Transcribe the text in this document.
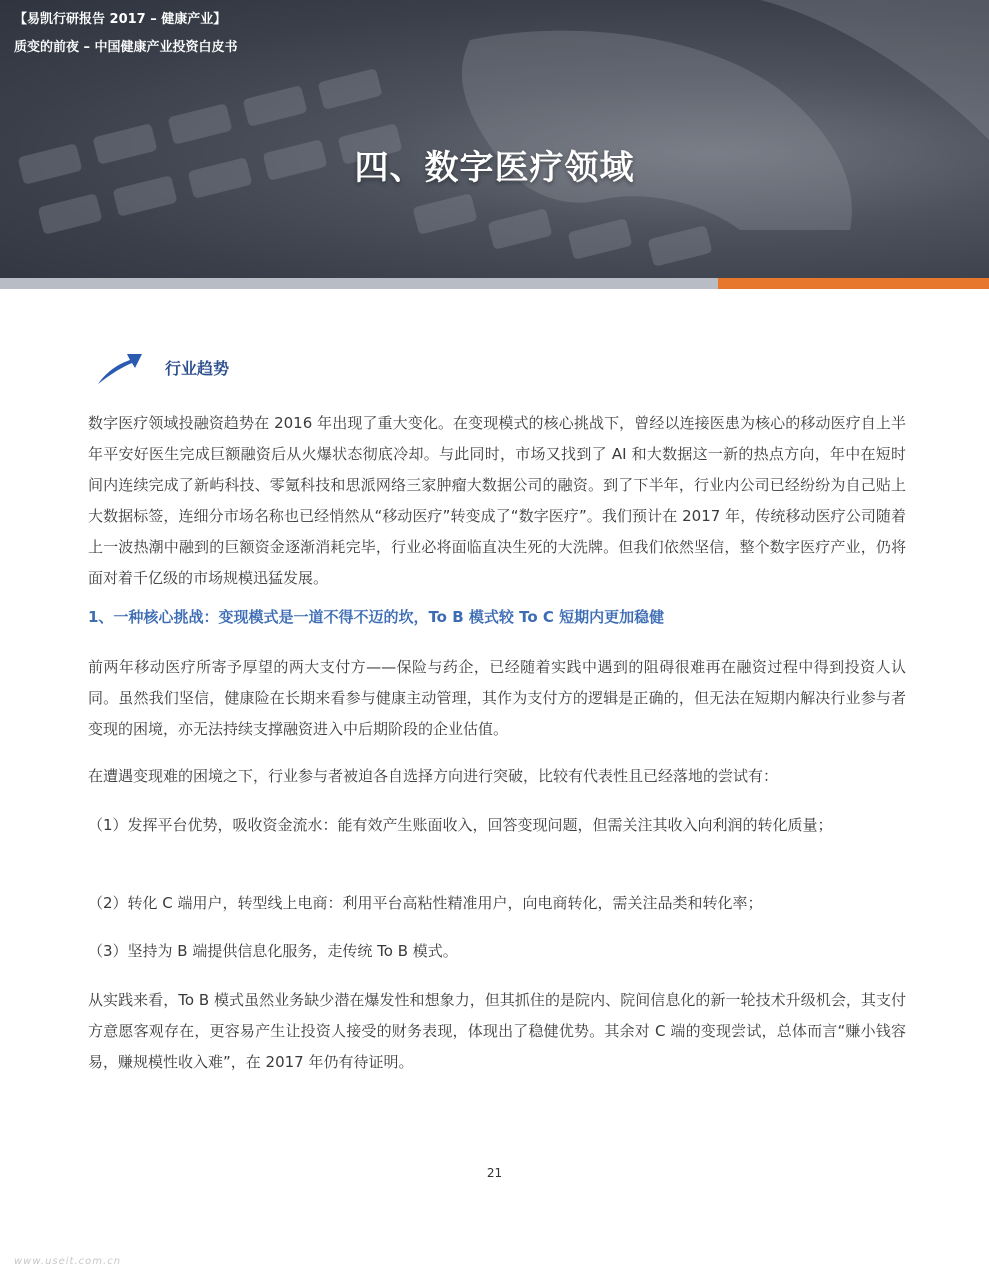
【易凯行研报告 2017 – 健康产业】
质变的前夜 – 中国健康产业投资白皮书
四、数字医疗领域
行业趋势

数字医疗领域投融资趋势在 2016 年出现了重大变化。在变现模式的核心挑战下，曾经以连接医患为核心的移动医疗自上半年平安好医生完成巨额融资后从火爆状态彻底冷却。与此同时，市场又找到了 AI 和大数据这一新的热点方向，年中在短时间内连续完成了新屿科技、零氪科技和思派网络三家肿瘤大数据公司的融资。到了下半年，行业内公司已经纷纷为自己贴上大数据标签，连细分市场名称也已经悄然从“移动医疗”转变成了“数字医疗”。我们预计在 2017 年，传统移动医疗公司随着上一波热潮中融到的巨额资金逐渐消耗完毕，行业必将面临直决生死的大洗牌。但我们依然坚信，整个数字医疗产业，仍将面对着千亿级的市场规模迅猛发展。

1、一种核心挑战：变现模式是一道不得不迈的坎，To B 模式较 To C 短期内更加稳健

前两年移动医疗所寄予厚望的两大支付方——保险与药企，已经随着实践中遇到的阻碍很难再在融资过程中得到投资人认同。虽然我们坚信，健康险在长期来看参与健康主动管理，其作为支付方的逻辑是正确的，但无法在短期内解决行业参与者变现的困境，亦无法持续支撑融资进入中后期阶段的企业估值。

在遭遇变现难的困境之下，行业参与者被迫各自选择方向进行突破，比较有代表性且已经落地的尝试有：

（1）发挥平台优势，吸收资金流水：能有效产生账面收入，回答变现问题，但需关注其收入向利润的转化质量；

（2）转化 C 端用户，转型线上电商：利用平台高粘性精准用户，向电商转化，需关注品类和转化率；

（3）坚持为 B 端提供信息化服务，走传统 To B 模式。

从实践来看，To B 模式虽然业务缺少潜在爆发性和想象力，但其抓住的是院内、院间信息化的新一轮技术升级机会，其支付方意愿客观存在，更容易产生让投资人接受的财务表现，体现出了稳健优势。其余对 C 端的变现尝试，总体而言“赚小钱容易，赚规模性收入难”，在 2017 年仍有待证明。

21
www.useit.com.cn
